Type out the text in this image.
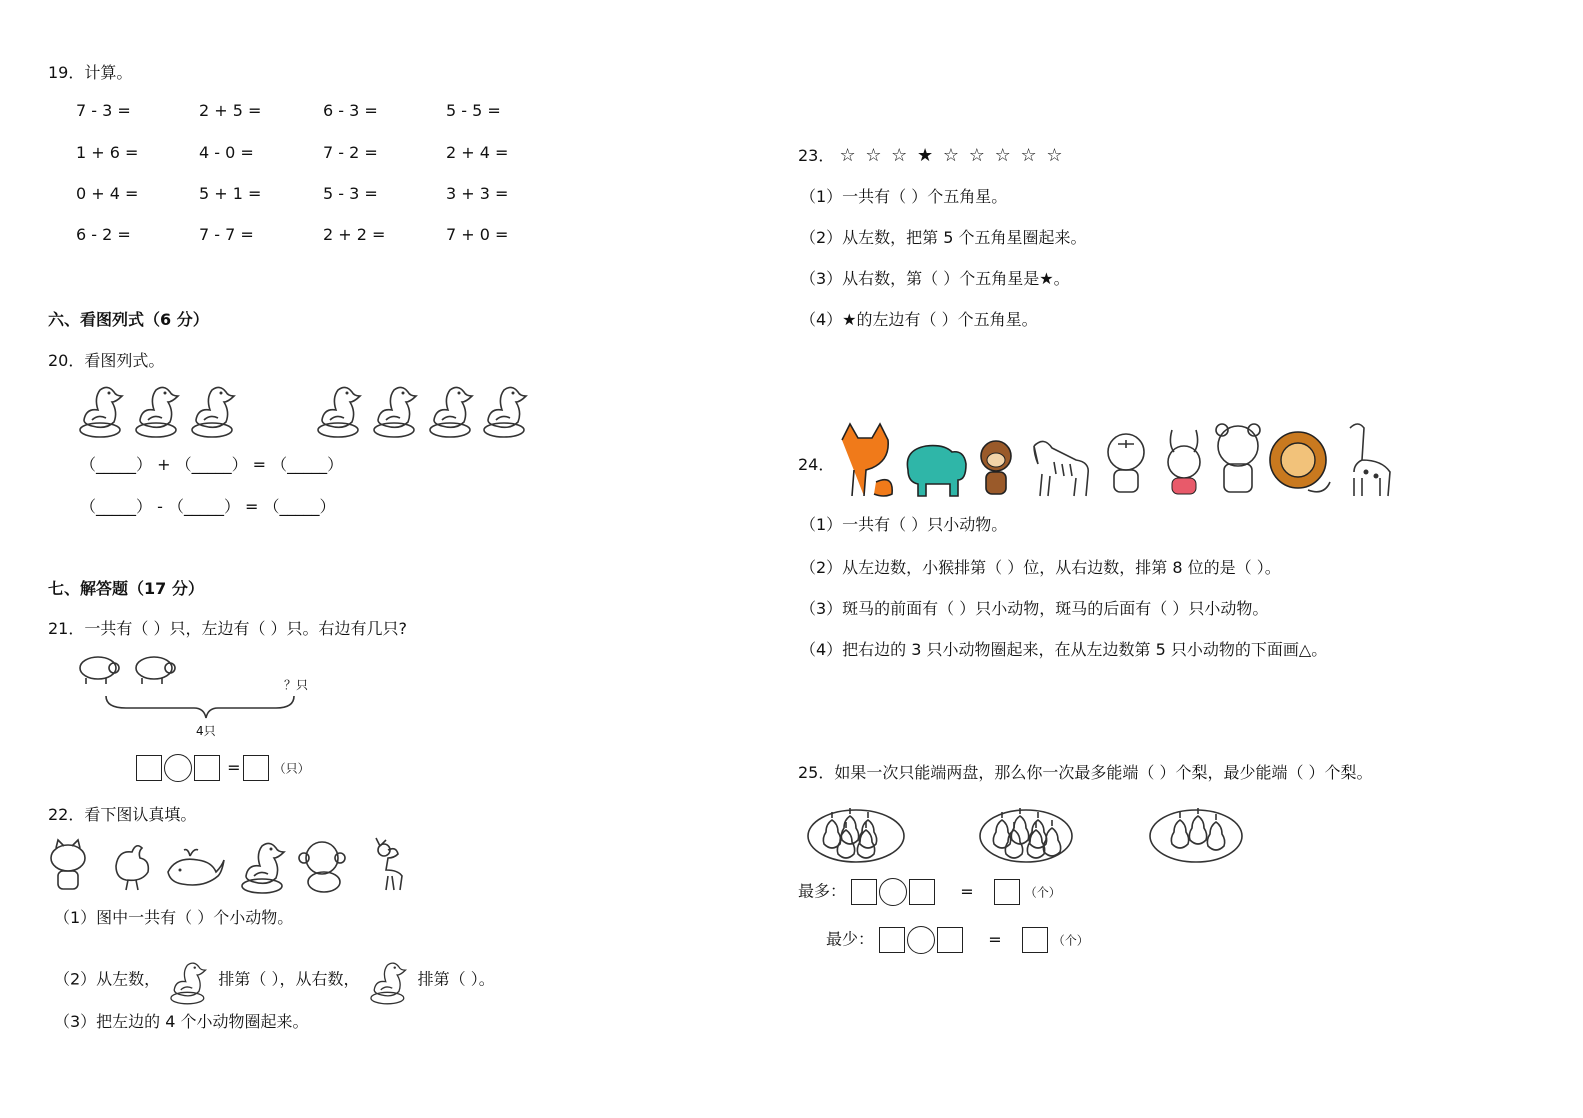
19．计算。
7 - 3 =	2 + 5 =	6 - 3 =	5 - 5 =
1 + 6 =	4 - 0 =	7 - 2 =	2 + 4 =
0 + 4 =	5 + 1 =	5 - 3 =	3 + 3 =
6 - 2 =	7 - 7 =	2 + 2 =	7 + 0 =
六、看图列式（6 分）
20．看图列式。
（_____） + （_____） = （_____）
（_____） - （_____） = （_____）
七、解答题（17 分）
21．一共有（ ）只，左边有（ ）只。右边有几只?
？只
4只
=	（只）
22．看下图认真填。
（1）图中一共有（ ）个小动物。
（2）从左数，	排第（ ），从右数，	排第（ ）。
（3）把左边的 4 个小动物圈起来。
23． ☆ ☆ ☆ ★ ☆ ☆ ☆ ☆ ☆
（1）一共有（ ）个五角星。
（2）从左数，把第 5 个五角星圈起来。
（3）从右数，第（ ）个五角星是★。
（4）★的左边有（ ）个五角星。
24．
（1）一共有（ ）只小动物。
（2）从左边数，小猴排第（ ）位，从右边数，排第 8 位的是（ ）。
（3）斑马的前面有（ ）只小动物，斑马的后面有（ ）只小动物。
（4）把右边的 3 只小动物圈起来，在从左边数第 5 只小动物的下面画△。
25．如果一次只能端两盘，那么你一次最多能端（ ）个梨，最少能端（ ）个梨。
最多：	=	（个）
最少：	=	（个）
